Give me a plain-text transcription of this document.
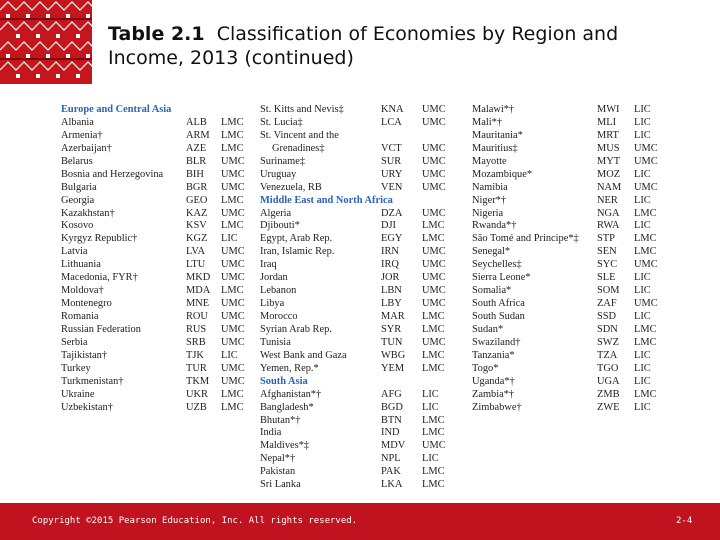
Table 2.1 Classification of Economies by Region and
Income, 2013 (continued)
Europe and Central Asia
Albania	ALB LMC
Armenia†	ARM LMC
Azerbaijan†	AZE LMC
Belarus	BLR UMC
Bosnia and Herzegovina BIH UMC
Bulgaria	BGR UMC
Georgia	GEO LMC
Kazakhstan†	KAZ UMC
Kosovo	KSV LMC
Kyrgyz Republic†	KGZ LIC
Latvia	LVA UMC
Lithuania	LTU UMC
Macedonia, FYR†	MKD UMC
Moldova†	MDA LMC
Montenegro	MNE UMC
Romania	ROU UMC
Russian Federation	RUS UMC
Serbia	SRB UMC
Tajikistan†	TJK LIC
Turkey	TUR UMC
Turkmenistan†	TKM UMC
Ukraine	UKR LMC
Uzbekistan†	UZB LMC
St. Kitts and Nevis‡	KNA UMC
St. Lucia‡	LCA UMC
St. Vincent and the
Grenadines‡	VCT UMC
Suriname‡	SUR UMC
Uruguay	URY UMC
Venezuela, RB	VEN UMC
Middle East and North Africa
Algeria	DZA UMC
Djibouti*	DJI LMC
Egypt, Arab Rep.	EGY LMC
Iran, Islamic Rep.	IRN UMC
Iraq	IRQ UMC
Jordan	JOR UMC
Lebanon	LBN UMC
Libya	LBY UMC
Morocco	MAR LMC
Syrian Arab Rep.	SYR LMC
Tunisia	TUN UMC
West Bank and Gaza	WBG LMC
Yemen, Rep.*	YEM LMC
South Asia
Afghanistan*†	AFG LIC
Bangladesh*	BGD LIC
Bhutan*†	BTN LMC
India	IND LMC
Maldives*‡	MDV UMC
Nepal*†	NPL LIC
Pakistan	PAK LMC
Sri Lanka	LKA LMC
Malawi*†	MWI LIC
Mali*†	MLI LIC
Mauritania*	MRT LIC
Mauritius‡	MUS UMC
Mayotte	MYT UMC
Mozambique*	MOZ LIC
Namibia	NAM UMC
Niger*†	NER LIC
Nigeria	NGA LMC
Rwanda*†	RWA LIC
São Tomé and Principe*‡ STP LMC
Senegal*	SEN LMC
Seychelles‡	SYC UMC
Sierra Leone*	SLE LIC
Somalia*	SOM LIC
South Africa	ZAF UMC
South Sudan	SSD LIC
Sudan*	SDN LMC
Swaziland†	SWZ LMC
Tanzania*	TZA LIC
Togo*	TGO LIC
Uganda*†	UGA LIC
Zambia*†	ZMB LMC
Zimbabwe†	ZWE LIC
Copyright ©2015 Pearson Education, Inc. All rights reserved.	2-4
